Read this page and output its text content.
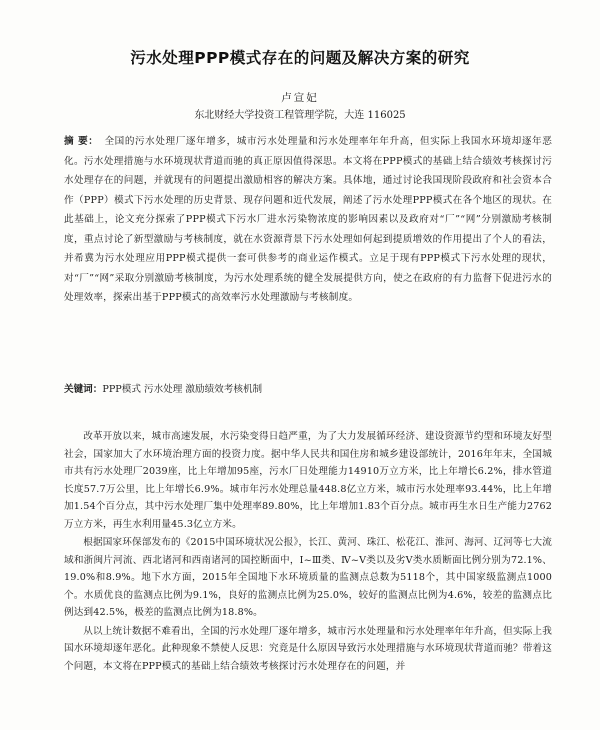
污水处理PPP模式存在的问题及解决方案的研究
卢宣妃
东北财经大学投资工程管理学院，大连 116025
摘 要： 全国的污水处理厂逐年增多，城市污水处理量和污水处理率年年升高，但实际上我国水环境却逐年恶化。污水处理措施与水环境现状背道而驰的真正原因值得深思。本文将在PPP模式的基础上结合绩效考核探讨污水处理存在的问题，并就现有的问题提出激励相容的解决方案。具体地，通过讨论我国现阶段政府和社会资本合作（PPP）模式下污水处理的历史背景、现存问题和近代发展，阐述了污水处理PPP模式在各个地区的现状。在此基础上，论文充分探索了PPP模式下污水厂进水污染物浓度的影响因素以及政府对“厂”“网”分别激励考核制度，重点讨论了新型激励与考核制度，就在水资源背景下污水处理如何起到提质增效的作用提出了个人的看法，并希冀为污水处理应用PPP模式提供一套可供参考的商业运作模式。立足于现有PPP模式下污水处理的现状，对“厂”“网”采取分别激励考核制度，为污水处理系统的健全发展提供方向，使之在政府的有力监督下促进污水的处理效率，探索出基于PPP模式的高效率污水处理激励与考核制度。
关键词：PPP模式 污水处理 激励绩效考核机制

改革开放以来，城市高速发展，水污染变得日趋严重，为了大力发展循环经济、建设资源节约型和环境友好型社会，国家加大了水环境治理方面的投资力度。据中华人民共和国住房和城乡建设部统计，2016年年末，全国城市共有污水处理厂2039座，比上年增加95座，污水厂日处理能力14910万立方米，比上年增长6.2%，排水管道长度57.7万公里，比上年增长6.9%。城市年污水处理总量448.8亿立方米，城市污水处理率93.44%，比上年增加1.54个百分点，其中污水处理厂集中处理率89.80%，比上年增加1.83个百分点。城市再生水日生产能力2762万立方米，再生水利用量45.3亿立方米。

根据国家环保部发布的《2015中国环境状况公报》，长江、黄河、珠江、松花江、淮河、海河、辽河等七大流域和浙闽片河流、西北诸河和西南诸河的国控断面中，Ⅰ~Ⅲ类、Ⅳ~Ⅴ类以及劣Ⅴ类水质断面比例分别为72.1%、19.0%和8.9%。地下水方面，2015年全国地下水环境质量的监测点总数为5118个，其中国家级监测点1000个。水质优良的监测点比例为9.1%，良好的监测点比例为25.0%，较好的监测点比例为4.6%，较差的监测点比例达到42.5%，极差的监测点比例为18.8%。

从以上统计数据不难看出，全国的污水处理厂逐年增多，城市污水处理量和污水处理率年年升高，但实际上我国水环境却逐年恶化。此种现象不禁使人反思：究竟是什么原因导致污水处理措施与水环境现状背道而驰？带着这个问题，本文将在PPP模式的基础上结合绩效考核探讨污水处理存在的问题，并
